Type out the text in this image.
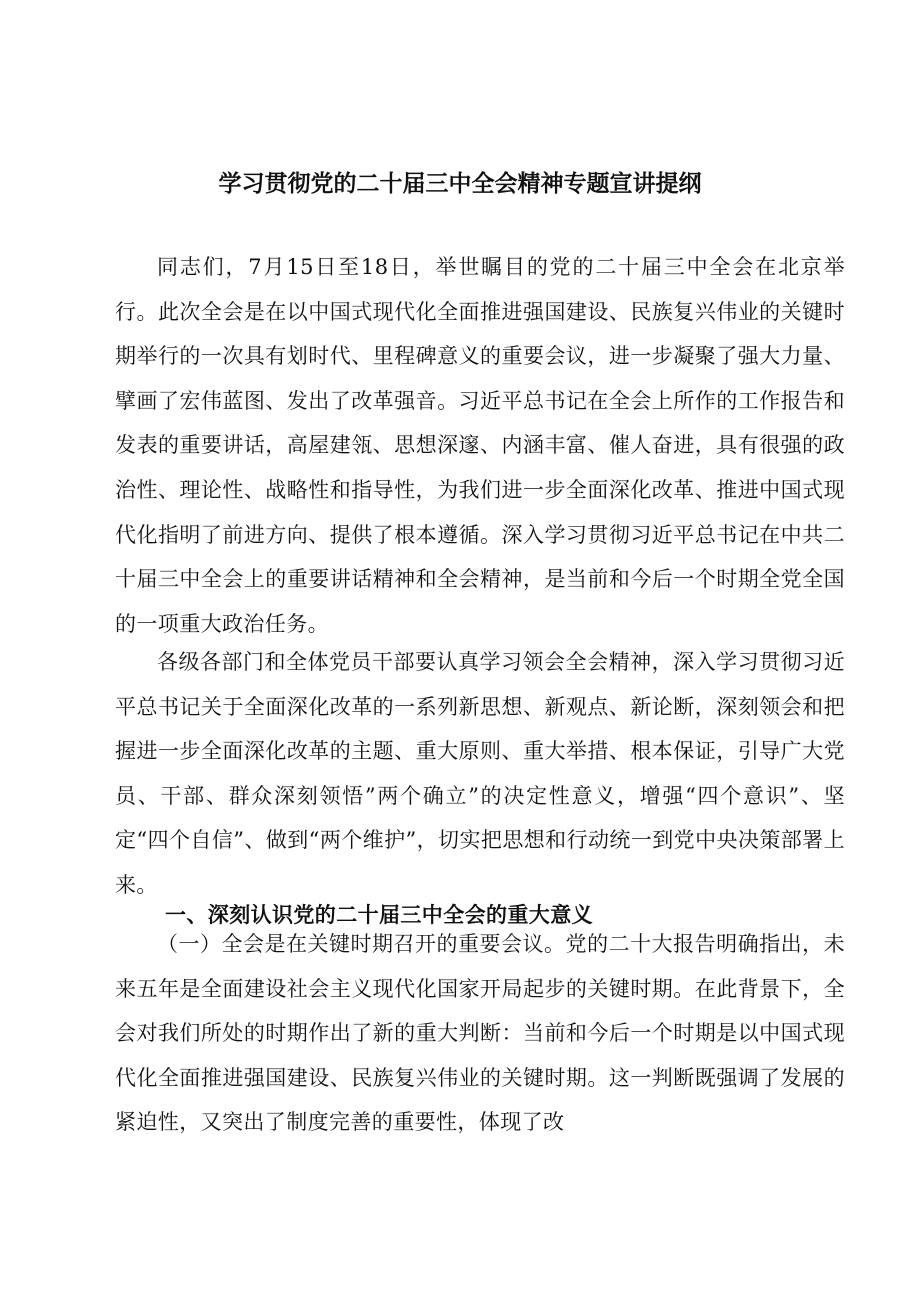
学习贯彻党的二十届三中全会精神专题宣讲提纲

同志们，7月15日至18日，举世瞩目的党的二十届三中全会在北京举行。此次全会是在以中国式现代化全面推进强国建设、民族复兴伟业的关键时期举行的一次具有划时代、里程碑意义的重要会议，进一步凝聚了强大力量、擘画了宏伟蓝图、发出了改革强音。习近平总书记在全会上所作的工作报告和发表的重要讲话，高屋建瓴、思想深邃、内涵丰富、催人奋进，具有很强的政治性、理论性、战略性和指导性，为我们进一步全面深化改革、推进中国式现代化指明了前进方向、提供了根本遵循。深入学习贯彻习近平总书记在中共二十届三中全会上的重要讲话精神和全会精神，是当前和今后一个时期全党全国的一项重大政治任务。

各级各部门和全体党员干部要认真学习领会全会精神，深入学习贯彻习近平总书记关于全面深化改革的一系列新思想、新观点、新论断，深刻领会和把握进一步全面深化改革的主题、重大原则、重大举措、根本保证，引导广大党员、干部、群众深刻领悟”两个确立”的决定性意义，增强“四个意识”、坚定“四个自信”、做到“两个维护”，切实把思想和行动统一到党中央决策部署上来。

一、深刻认识党的二十届三中全会的重大意义

（一）全会是在关键时期召开的重要会议。党的二十大报告明确指出，未来五年是全面建设社会主义现代化国家开局起步的关键时期。在此背景下，全会对我们所处的时期作出了新的重大判断：当前和今后一个时期是以中国式现代化全面推进强国建设、民族复兴伟业的关键时期。这一判断既强调了发展的紧迫性，又突出了制度完善的重要性，体现了改
